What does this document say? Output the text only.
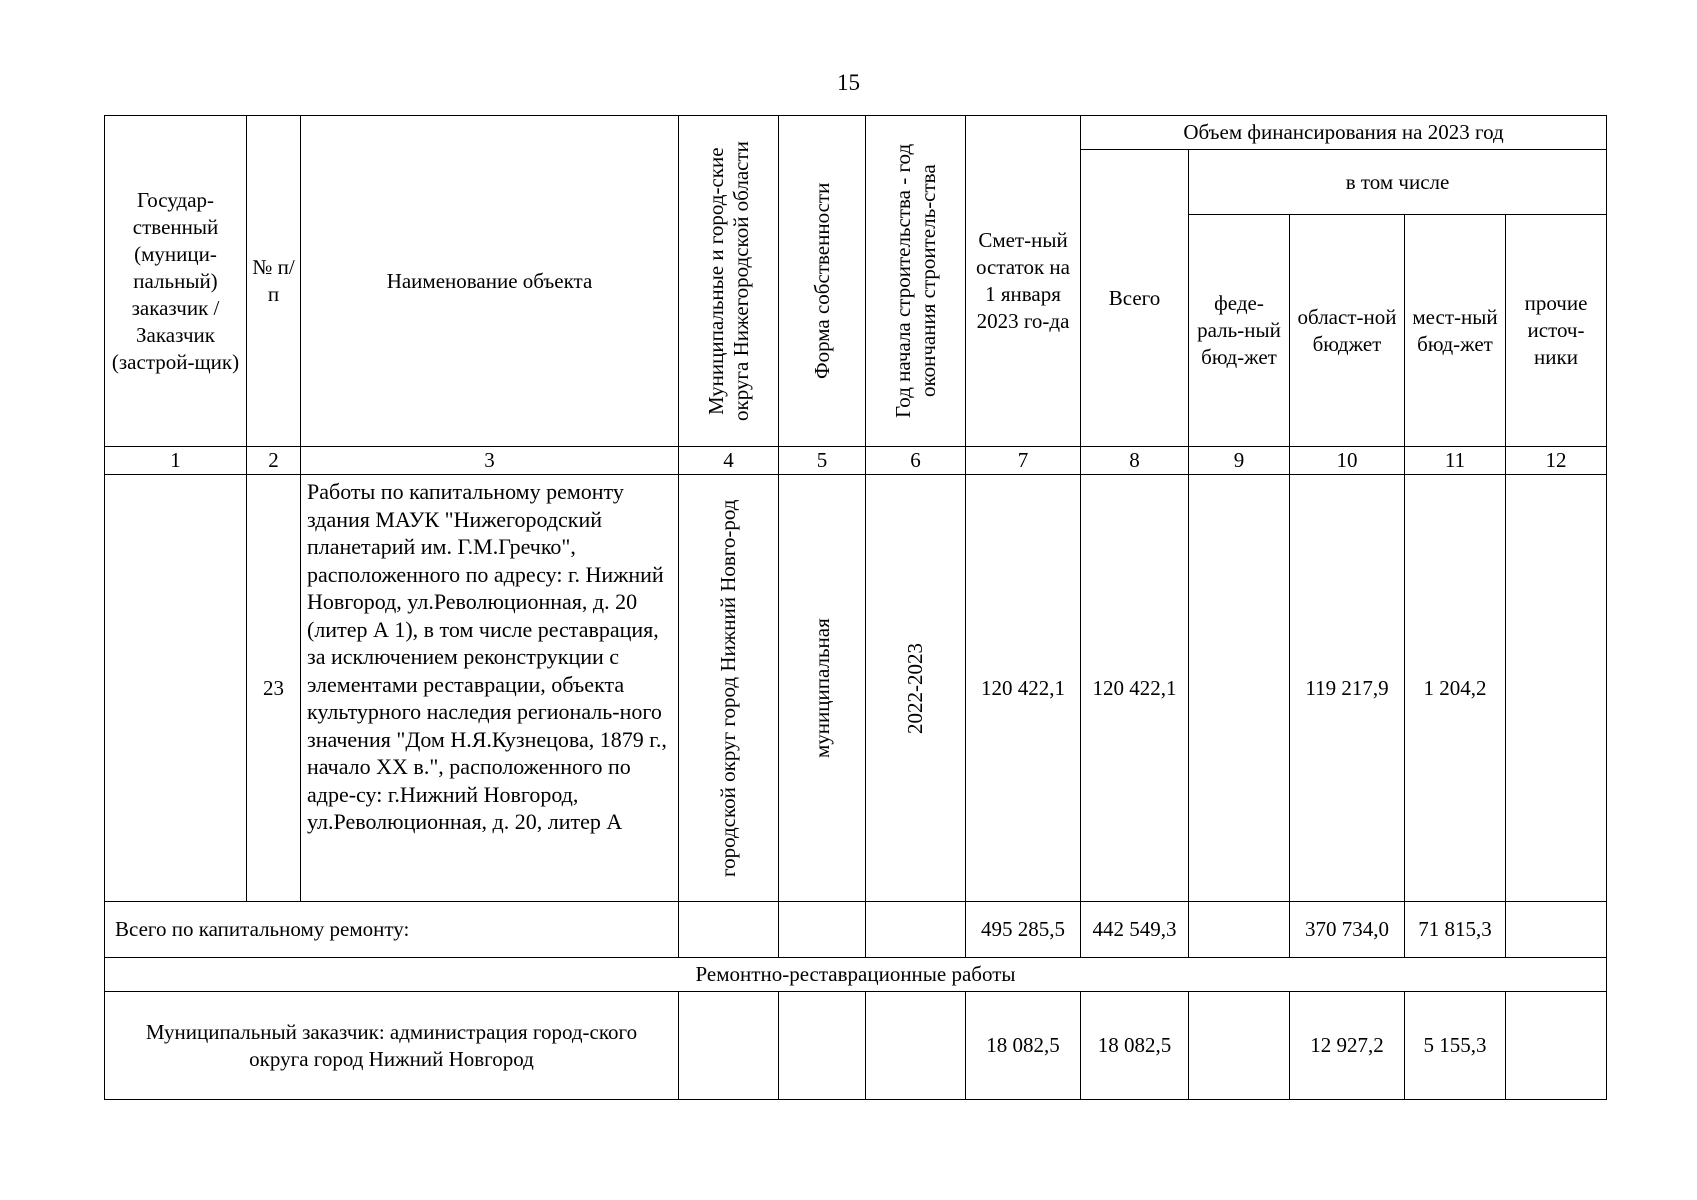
15
Государ-ственный (муници-пальный) заказчик / Заказчик (застрой-щик)	№ п/п	Наименование объекта	Муниципальные и город-ские округа Нижегородской области	Форма собственности	Год начала строительства - год окончания строитель-ства	Смет-ный остаток на 1 января 2023 го-да	Объем финансирования на 2023 год				
							Всего	в том числе			
								феде-раль-ный бюд-жет	област-ной бюджет	мест-ный бюд-жет	прочие источ-ники
1	2	3	4	5	6	7	8	9	10	11	12
	23	Работы по капитальному ремонту здания МАУК "Нижегородский планетарий им. Г.М.Гречко", расположенного по адресу: г. Нижний Новгород, ул.Революционная, д. 20 (литер А 1), в том числе реставрация, за исключением реконструкции с элементами реставрации, объекта культурного наследия региональ-ного значения "Дом Н.Я.Кузнецова, 1879 г., начало XX в.", расположенного по адре-су: г.Нижний Новгород, ул.Революционная, д. 20, литер А	городской округ город Нижний Новго-род	муниципальная	2022-2023	120 422,1	120 422,1		119 217,9	1 204,2	
Всего по капитальному ремонту:						495 285,5	442 549,3		370 734,0	71 815,3	
Ремонтно-реставрационные работы											
Муниципальный заказчик: администрация город-ского округа город Нижний Новгород						18 082,5	18 082,5		12 927,2	5 155,3	
